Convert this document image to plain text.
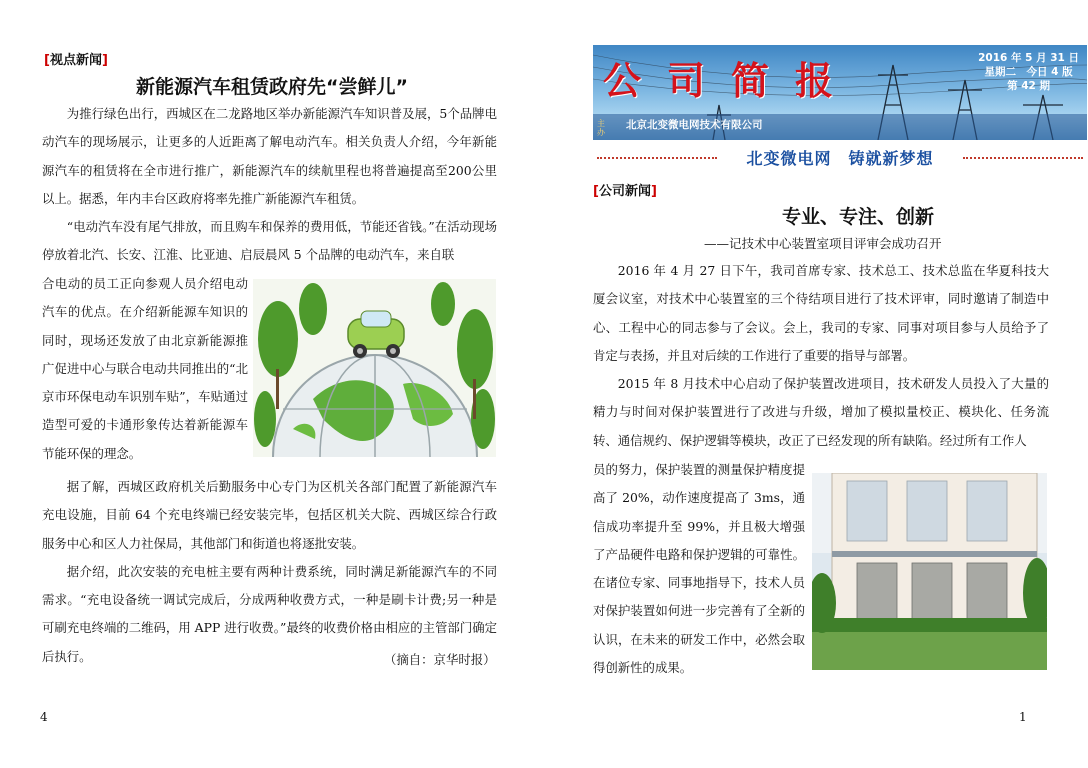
[视点新闻]
新能源汽车租赁政府先“尝鲜儿”

为推行绿色出行，西城区在二龙路地区举办新能源汽车知识普及展，5个品牌电动汽车的现场展示，让更多的人近距离了解电动汽车。相关负责人介绍，今年新能源汽车的租赁将在全市进行推广，新能源汽车的续航里程也将普遍提高至200公里以上。据悉，年内丰台区政府将率先推广新能源汽车租赁。

“电动汽车没有尾气排放，而且购车和保养的费用低，节能还省钱。”在活动现场停放着北汽、长安、江淮、比亚迪、启辰晨风 5 个品牌的电动汽车，来自联

合电动的员工正向参观人员介绍电动汽车的优点。在介绍新能源车知识的同时，现场还发放了由北京新能源推广促进中心与联合电动共同推出的“北京市环保电动车识别车贴”，车贴通过造型可爱的卡通形象传达着新能源车节能环保的理念。

据了解，西城区政府机关后勤服务中心专门为区机关各部门配置了新能源汽车充电设施，目前 64 个充电终端已经安装完毕，包括区机关大院、西城区综合行政服务中心和区人力社保局，其他部门和街道也将逐批安装。

据介绍，此次安装的充电桩主要有两种计费系统，同时满足新能源汽车的不同需求。“充电设备统一调试完成后，分成两种收费方式，一种是刷卡计费;另一种是可刷充电终端的二维码，用 APP 进行收费。”最终的收费价格由相应的主管部门确定后执行。	（摘自：京华时报）
4
公司简报	2016 年 5 月 31 日
星期二　今日 4 版
第 42 期
主办
北京北变微电网技术有限公司
北变微电网　铸就新梦想
[公司新闻]
专业、专注、创新
——记技术中心装置室项目评审会成功召开

2016 年 4 月 27 日下午，我司首席专家、技术总工、技术总监在华夏科技大厦会议室，对技术中心装置室的三个待结项目进行了技术评审，同时邀请了制造中心、工程中心的同志参与了会议。会上，我司的专家、同事对项目参与人员给予了肯定与表扬，并且对后续的工作进行了重要的指导与部署。

2015 年 8 月技术中心启动了保护装置改进项目，技术研发人员投入了大量的精力与时间对保护装置进行了改进与升级，增加了模拟量校正、模块化、任务流转、通信规约、保护逻辑等模块，改正了已经发现的所有缺陷。经过所有工作人

员的努力，保护装置的测量保护精度提高了 20%，动作速度提高了 3ms，通信成功率提升至 99%，并且极大增强了产品硬件电路和保护逻辑的可靠性。在诸位专家、同事地指导下，技术人员对保护装置如何进一步完善有了全新的认识，在未来的研发工作中，必然会取得创新性的成果。

1
